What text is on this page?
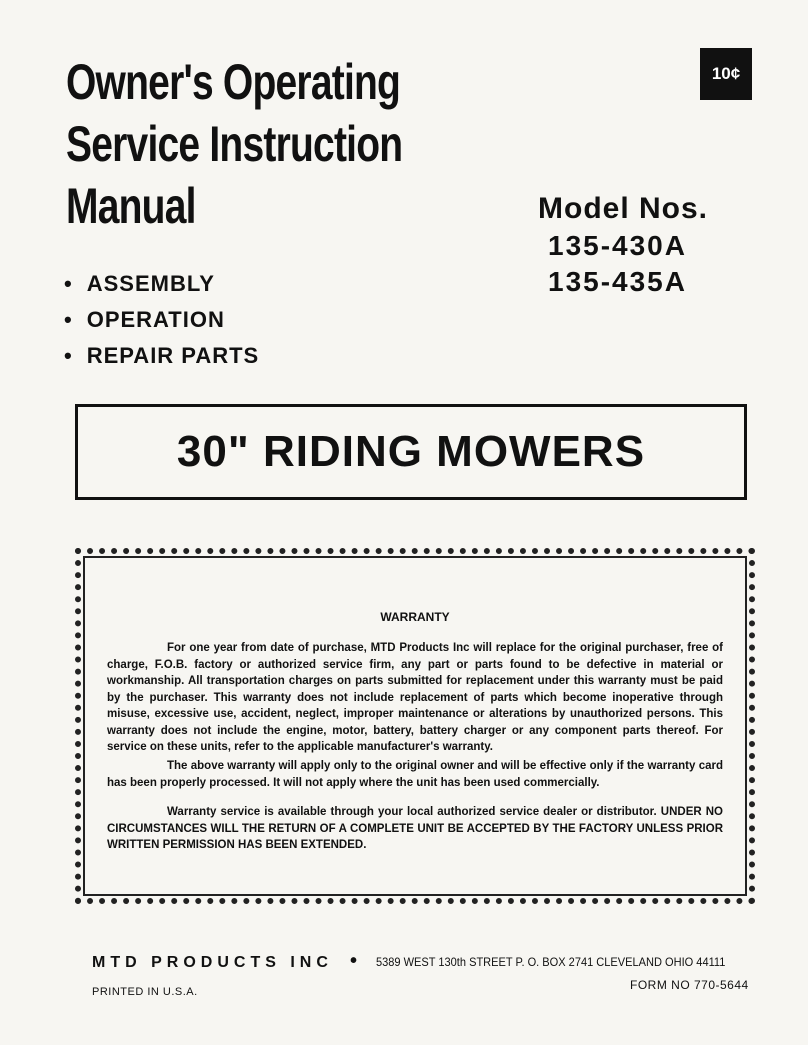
Owner's Operating
Service Instruction
Manual
10¢
Model Nos.
135-430A
135-435A
• ASSEMBLY
• OPERATION
• REPAIR PARTS
30" RIDING MOWERS
WARRANTY

For one year from date of purchase, MTD Products Inc will replace for the original purchaser, free of charge, F.O.B. factory or authorized service firm, any part or parts found to be defective in material or workmanship. All transportation charges on parts submitted for replacement under this warranty must be paid by the purchaser. This warranty does not include replacement of parts which become inoperative through misuse, excessive use, accident, neglect, improper maintenance or alterations by unauthorized persons. This warranty does not include the engine, motor, battery, battery charger or any component parts thereof. For service on these units, refer to the applicable manufacturer's warranty.

The above warranty will apply only to the original owner and will be effective only if the warranty card has been properly processed. It will not apply where the unit has been used commercially.

Warranty service is available through your local authorized service dealer or distributor. UNDER NO CIRCUMSTANCES WILL THE RETURN OF A COMPLETE UNIT BE ACCEPTED BY THE FACTORY UNLESS PRIOR WRITTEN PERMISSION HAS BEEN EXTENDED.

MTD PRODUCTS INC • 5389 WEST 130th STREET P. O. BOX 2741 CLEVELAND OHIO 44111
PRINTED IN U.S.A.	FORM NO 770-5644
